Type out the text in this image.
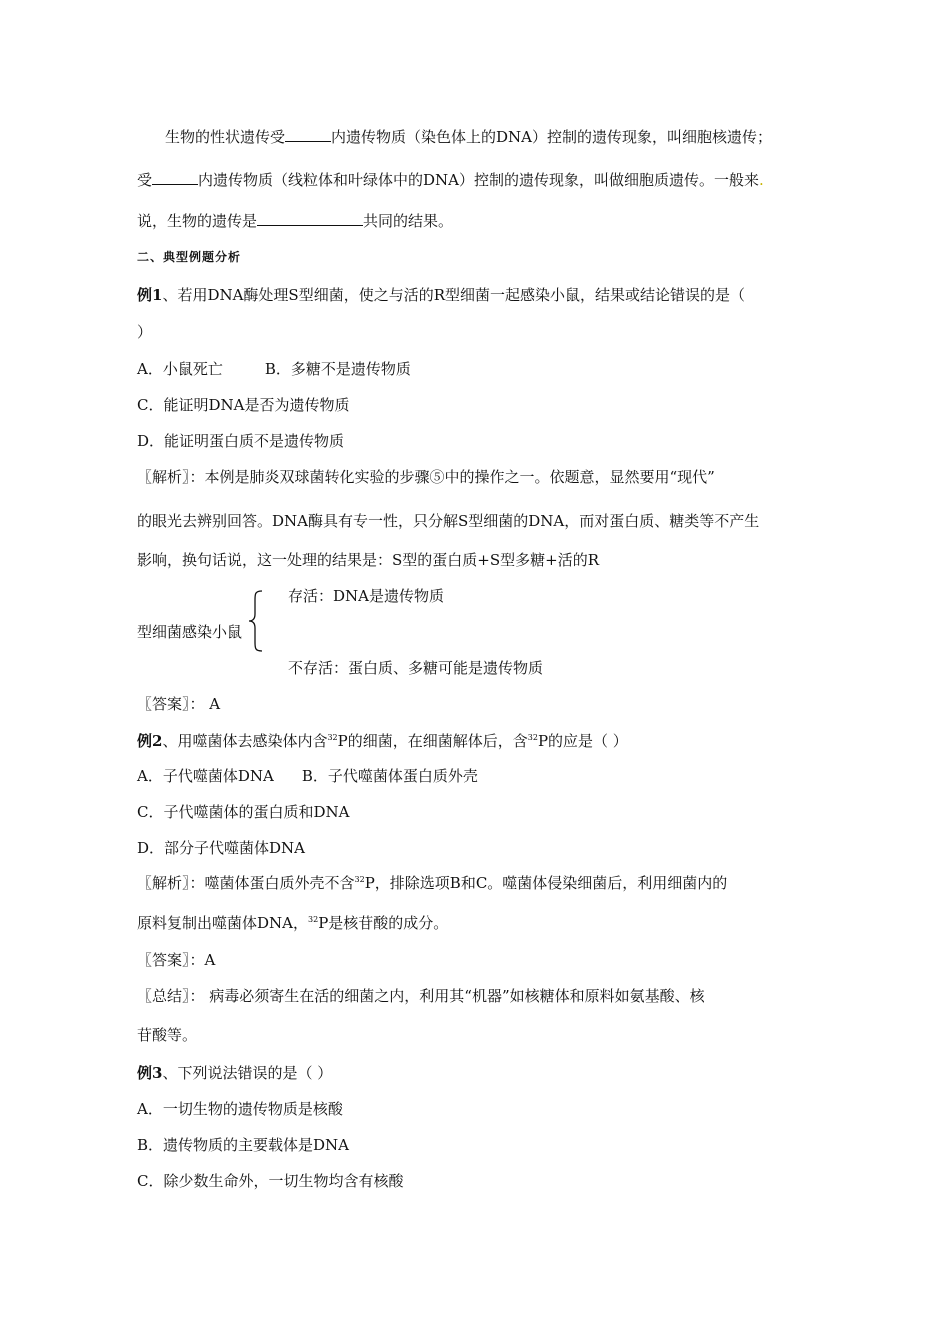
生物的性状遗传受	内遗传物质（染色体上的DNA）控制的遗传现象，叫细胞核遗传；
受	内遗传物质（线粒体和叶绿体中的DNA）控制的遗传现象，叫做细胞质遗传。一般来.
说，生物的遗传是	共同的结果。
二、典型例题分析
例1、若用DNA酶处理S型细菌，使之与活的R型细菌一起感染小鼠，结果或结论错误的是（
）
A．小鼠死亡	B．多糖不是遗传物质
C．能证明DNA是否为遗传物质
D．能证明蛋白质不是遗传物质
〖解析〗：本例是肺炎双球菌转化实验的步骤⑤中的操作之一。依题意，显然要用“现代”
的眼光去辨别回答。DNA酶具有专一性，只分解S型细菌的DNA，而对蛋白质、糖类等不产生
影响，换句话说，这一处理的结果是：S型的蛋白质+S型多糖+活的R
存活：DNA是遗传物质
型细菌感染小鼠
不存活：蛋白质、多糖可能是遗传物质
〖答案〗： A
例2、用噬菌体去感染体内含$^{32}$P的细菌，在细菌解体后，含$^{32}$P的应是（ ）
A．子代噬菌体DNA B．子代噬菌体蛋白质外壳
C．子代噬菌体的蛋白质和DNA
D．部分子代噬菌体DNA
〖解析〗：噬菌体蛋白质外壳不含$^{32}$P，排除选项B和C。噬菌体侵染细菌后，利用细菌内的
原料复制出噬菌体DNA，$^{32}$P是核苷酸的成分。
〖答案〗：A
〖总结〗： 病毒必须寄生在活的细菌之内，利用其“机器”如核糖体和原料如氨基酸、核
苷酸等。
例3、下列说法错误的是（ ）
A．一切生物的遗传物质是核酸
B．遗传物质的主要载体是DNA
C．除少数生命外，一切生物均含有核酸
